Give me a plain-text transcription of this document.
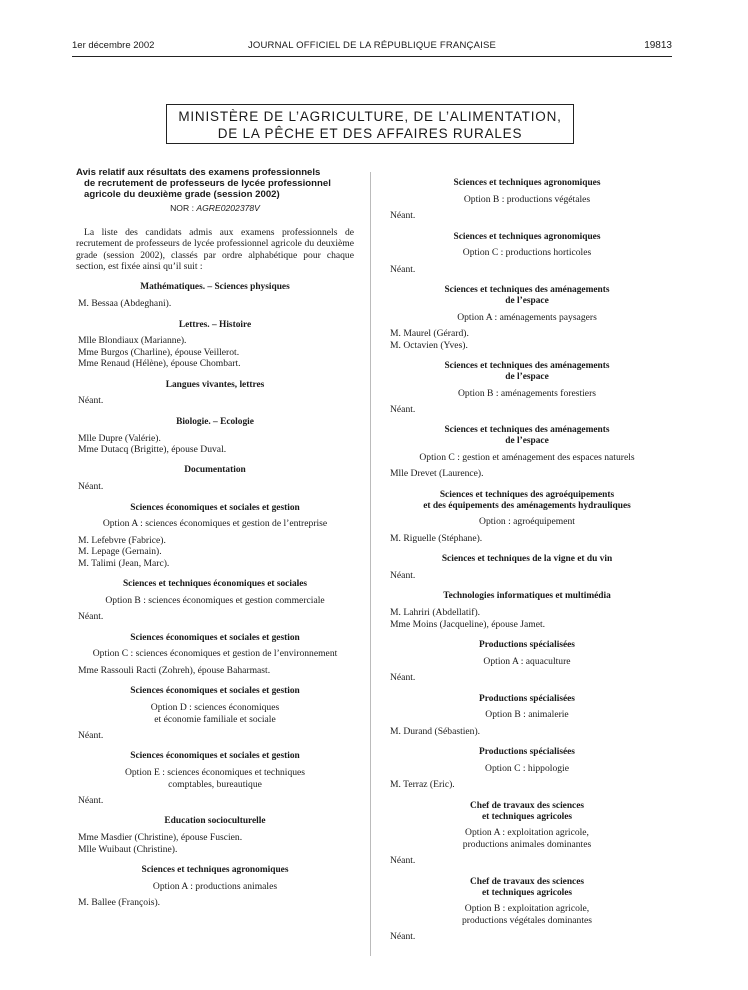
1er décembre 2002	JOURNAL OFFICIEL DE LA RÉPUBLIQUE FRANÇAISE	19813
MINISTÈRE DE L’AGRICULTURE, DE L’ALIMENTATION,
DE LA PÊCHE ET DES AFFAIRES RURALES
Avis relatif aux résultats des examens professionnels
de recrutement de professeurs de lycée professionnel
agricole du deuxième grade (session 2002)
NOR : AGRE0202378V
La liste des candidats admis aux examens professionnels de recrutement de professeurs de lycée professionnel agricole du deuxième grade (session 2002), classés par ordre alphabétique pour chaque section, est fixée ainsi qu’il suit :
Mathématiques. – Sciences physiques
M. Bessaa (Abdeghani).
Lettres. – Histoire
Mlle Blondiaux (Marianne).
Mme Burgos (Charline), épouse Veillerot.
Mme Renaud (Hélène), épouse Chombart.
Langues vivantes, lettres
Néant.
Biologie. – Ecologie
Mlle Dupre (Valérie).
Mme Dutacq (Brigitte), épouse Duval.
Documentation
Néant.
Sciences économiques et sociales et gestion
Option A : sciences économiques et gestion de l’entreprise
M. Lefebvre (Fabrice).
M. Lepage (Gernain).
M. Talimi (Jean, Marc).
Sciences et techniques économiques et sociales
Option B : sciences économiques et gestion commerciale
Néant.
Sciences économiques et sociales et gestion
Option C : sciences économiques et gestion de l’environnement
Mme Rassouli Racti (Zohreh), épouse Baharmast.
Sciences économiques et sociales et gestion
Option D : sciences économiques
et économie familiale et sociale
Néant.
Sciences économiques et sociales et gestion
Option E : sciences économiques et techniques
comptables, bureautique
Néant.
Education socioculturelle
Mme Masdier (Christine), épouse Fuscien.
Mlle Wuibaut (Christine).
Sciences et techniques agronomiques
Option A : productions animales
M. Ballee (François).
Sciences et techniques agronomiques
Option B : productions végétales
Néant.
Sciences et techniques agronomiques
Option C : productions horticoles
Néant.
Sciences et techniques des aménagements
de l’espace
Option A : aménagements paysagers
M. Maurel (Gérard).
M. Octavien (Yves).
Sciences et techniques des aménagements
de l’espace
Option B : aménagements forestiers
Néant.
Sciences et techniques des aménagements
de l’espace
Option C : gestion et aménagement des espaces naturels
Mlle Drevet (Laurence).
Sciences et techniques des agroéquipements
et des équipements des aménagements hydrauliques
Option : agroéquipement
M. Riguelle (Stéphane).
Sciences et techniques de la vigne et du vin
Néant.
Technologies informatiques et multimédia
M. Lahriri (Abdellatif).
Mme Moins (Jacqueline), épouse Jamet.
Productions spécialisées
Option A : aquaculture
Néant.
Productions spécialisées
Option B : animalerie
M. Durand (Sébastien).
Productions spécialisées
Option C : hippologie
M. Terraz (Eric).
Chef de travaux des sciences
et techniques agricoles
Option A : exploitation agricole,
productions animales dominantes
Néant.
Chef de travaux des sciences
et techniques agricoles
Option B : exploitation agricole,
productions végétales dominantes
Néant.
